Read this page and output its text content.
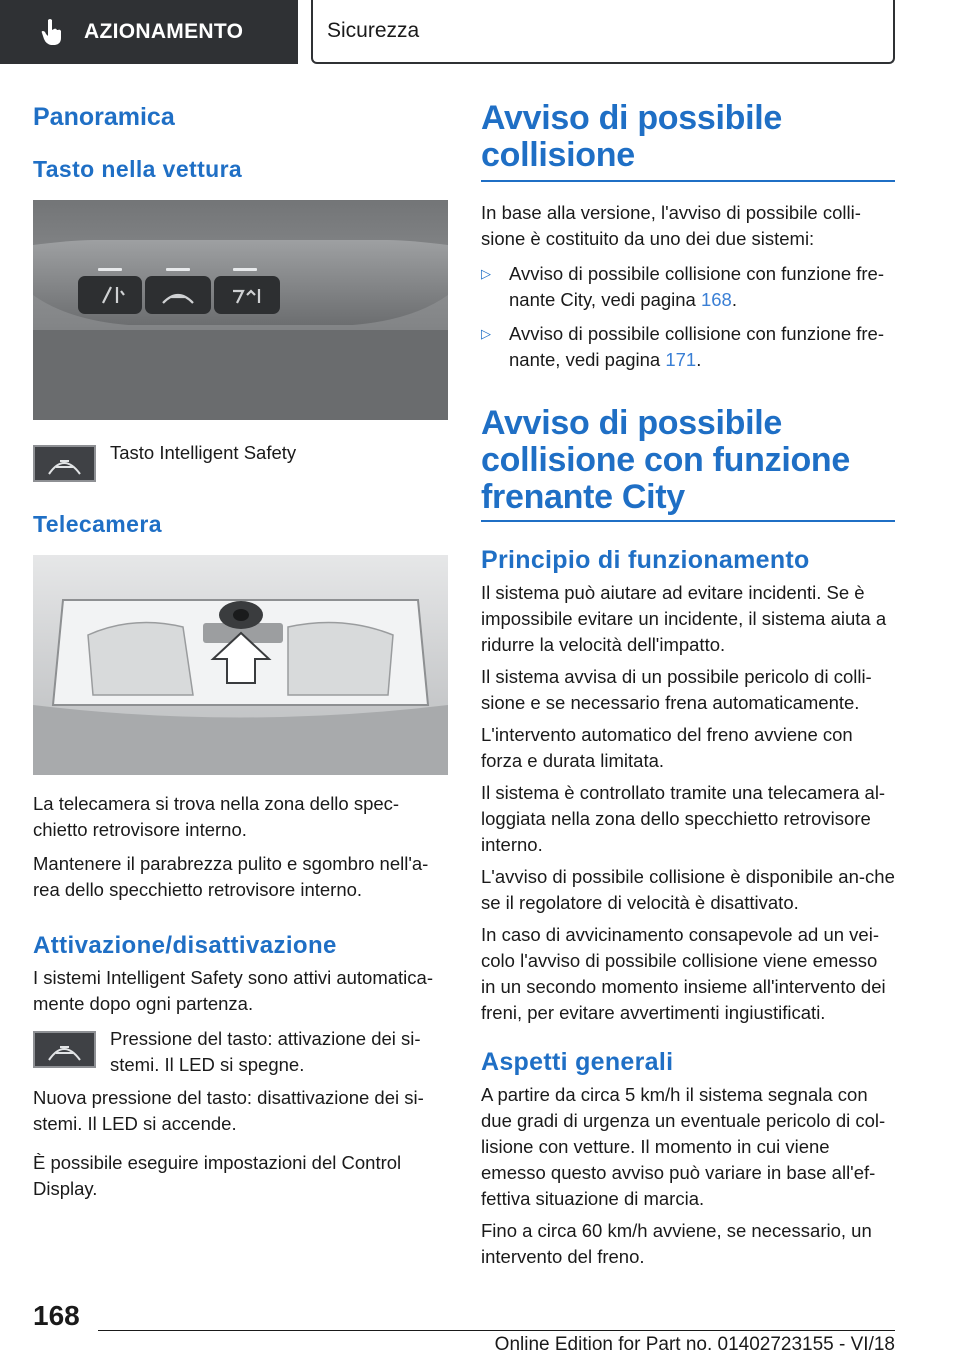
AZIONAMENTO	Sicurezza
Panoramica
Tasto nella vettura

Tasto Intelligent Safety

Telecamera

La telecamera si trova nella zona dello spec-chietto retrovisore interno.

Mantenere il parabrezza pulito e sgombro nell'a-rea dello specchietto retrovisore interno.

Attivazione/disattivazione

I sistemi Intelligent Safety sono attivi automatica-mente dopo ogni partenza.

Pressione del tasto: attivazione dei si-stemi. Il LED si spegne.

Nuova pressione del tasto: disattivazione dei si-stemi. Il LED si accende.

È possibile eseguire impostazioni del Control Display.

Avviso di possibile collisione

In base alla versione, l'avviso di possibile colli-sione è costituito da uno dei due sistemi:

▷ Avviso di possibile collisione con funzione fre-nante City, vedi pagina 168.

▷ Avviso di possibile collisione con funzione fre-nante, vedi pagina 171.

Avviso di possibile collisione con funzione frenante City
Principio di funzionamento

Il sistema può aiutare ad evitare incidenti. Se è impossibile evitare un incidente, il sistema aiuta a ridurre la velocità dell'impatto.

Il sistema avvisa di un possibile pericolo di colli-sione e se necessario frena automaticamente.

L'intervento automatico del freno avviene con forza e durata limitata.

Il sistema è controllato tramite una telecamera al-loggiata nella zona dello specchietto retrovisore interno.

L'avviso di possibile collisione è disponibile an-che se il regolatore di velocità è disattivato.

In caso di avvicinamento consapevole ad un vei-colo l'avviso di possibile collisione viene emesso in un secondo momento insieme all'intervento dei freni, per evitare avvertimenti ingiustificati.

Aspetti generali

A partire da circa 5 km/h il sistema segnala con due gradi di urgenza un eventuale pericolo di col-lisione con vetture. Il momento in cui viene emesso questo avviso può variare in base all'ef-fettiva situazione di marcia.

Fino a circa 60 km/h avviene, se necessario, un intervento del freno.

168
Online Edition for Part no. 01402723155 - VI/18
